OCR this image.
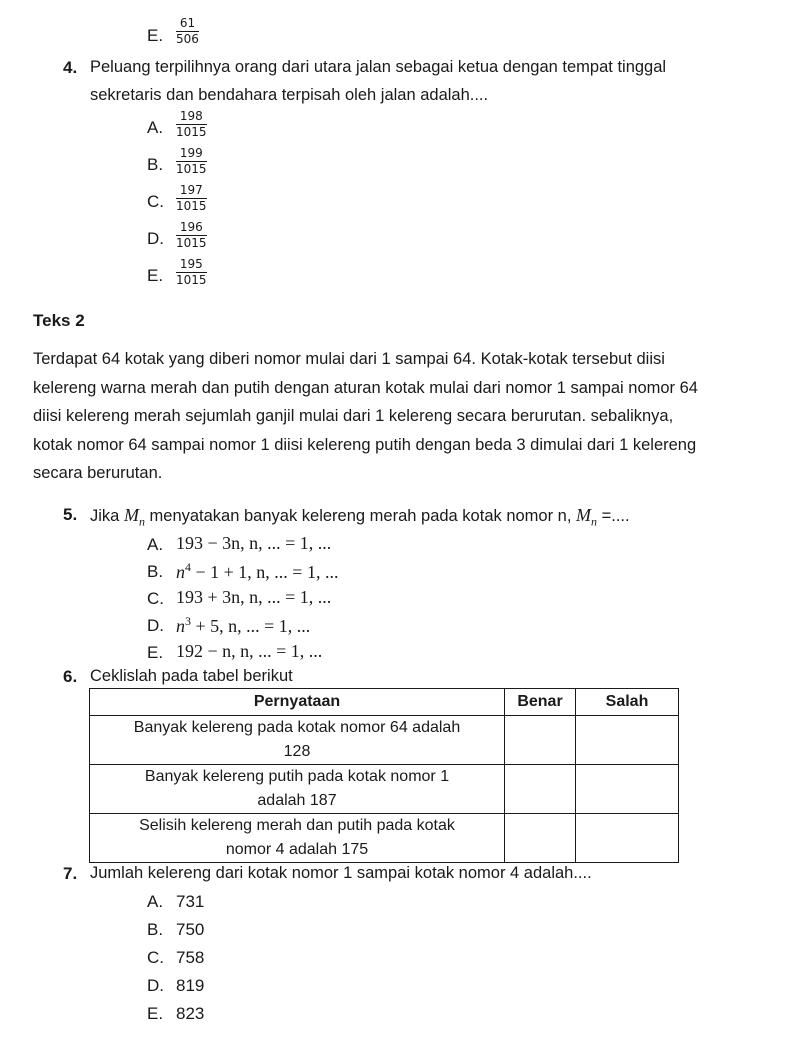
E.
61
506
4. Peluang terpilihnya orang dari utara jalan sebagai ketua dengan tempat tinggal
sekretaris dan bendahara terpisah oleh jalan adalah....
A.
198
1015
B.
199
1015
C.
197
1015
D.
196
1015
E.
195
1015
Teks 2
Terdapat 64 kotak yang diberi nomor mulai dari 1 sampai 64. Kotak-kotak tersebut diisi
kelereng warna merah dan putih dengan aturan kotak mulai dari nomor 1 sampai nomor 64
diisi kelereng merah sejumlah ganjil mulai dari 1 kelereng secara berurutan. sebaliknya,
kotak nomor 64 sampai nomor 1 diisi kelereng putih dengan beda 3 dimulai dari 1 kelereng
secara berurutan.
5. Jika $M_n$ menyatakan banyak kelereng merah pada kotak nomor n, $M_n$ =....
A. 193 − 3n, n, ... = 1, ...
B. $n^4 - 1 + 1$, n, ... = 1, ...
C. 193 + 3n, n, ... = 1, ...
D. $n^3 + 5$, n, ... = 1, ...
E. 192 − n, n, ... = 1, ...
6. Ceklislah pada tabel berikut
Pernyataan	Benar	Salah

Banyak kelereng pada kotak nomor 64 adalah
128		

Banyak kelereng putih pada kotak nomor 1
adalah 187		

Selisih kelereng merah dan putih pada kotak
nomor 4 adalah 175		

7. Jumlah kelereng dari kotak nomor 1 sampai kotak nomor 4 adalah....
A. 731
B. 750
C. 758
D. 819
E. 823
